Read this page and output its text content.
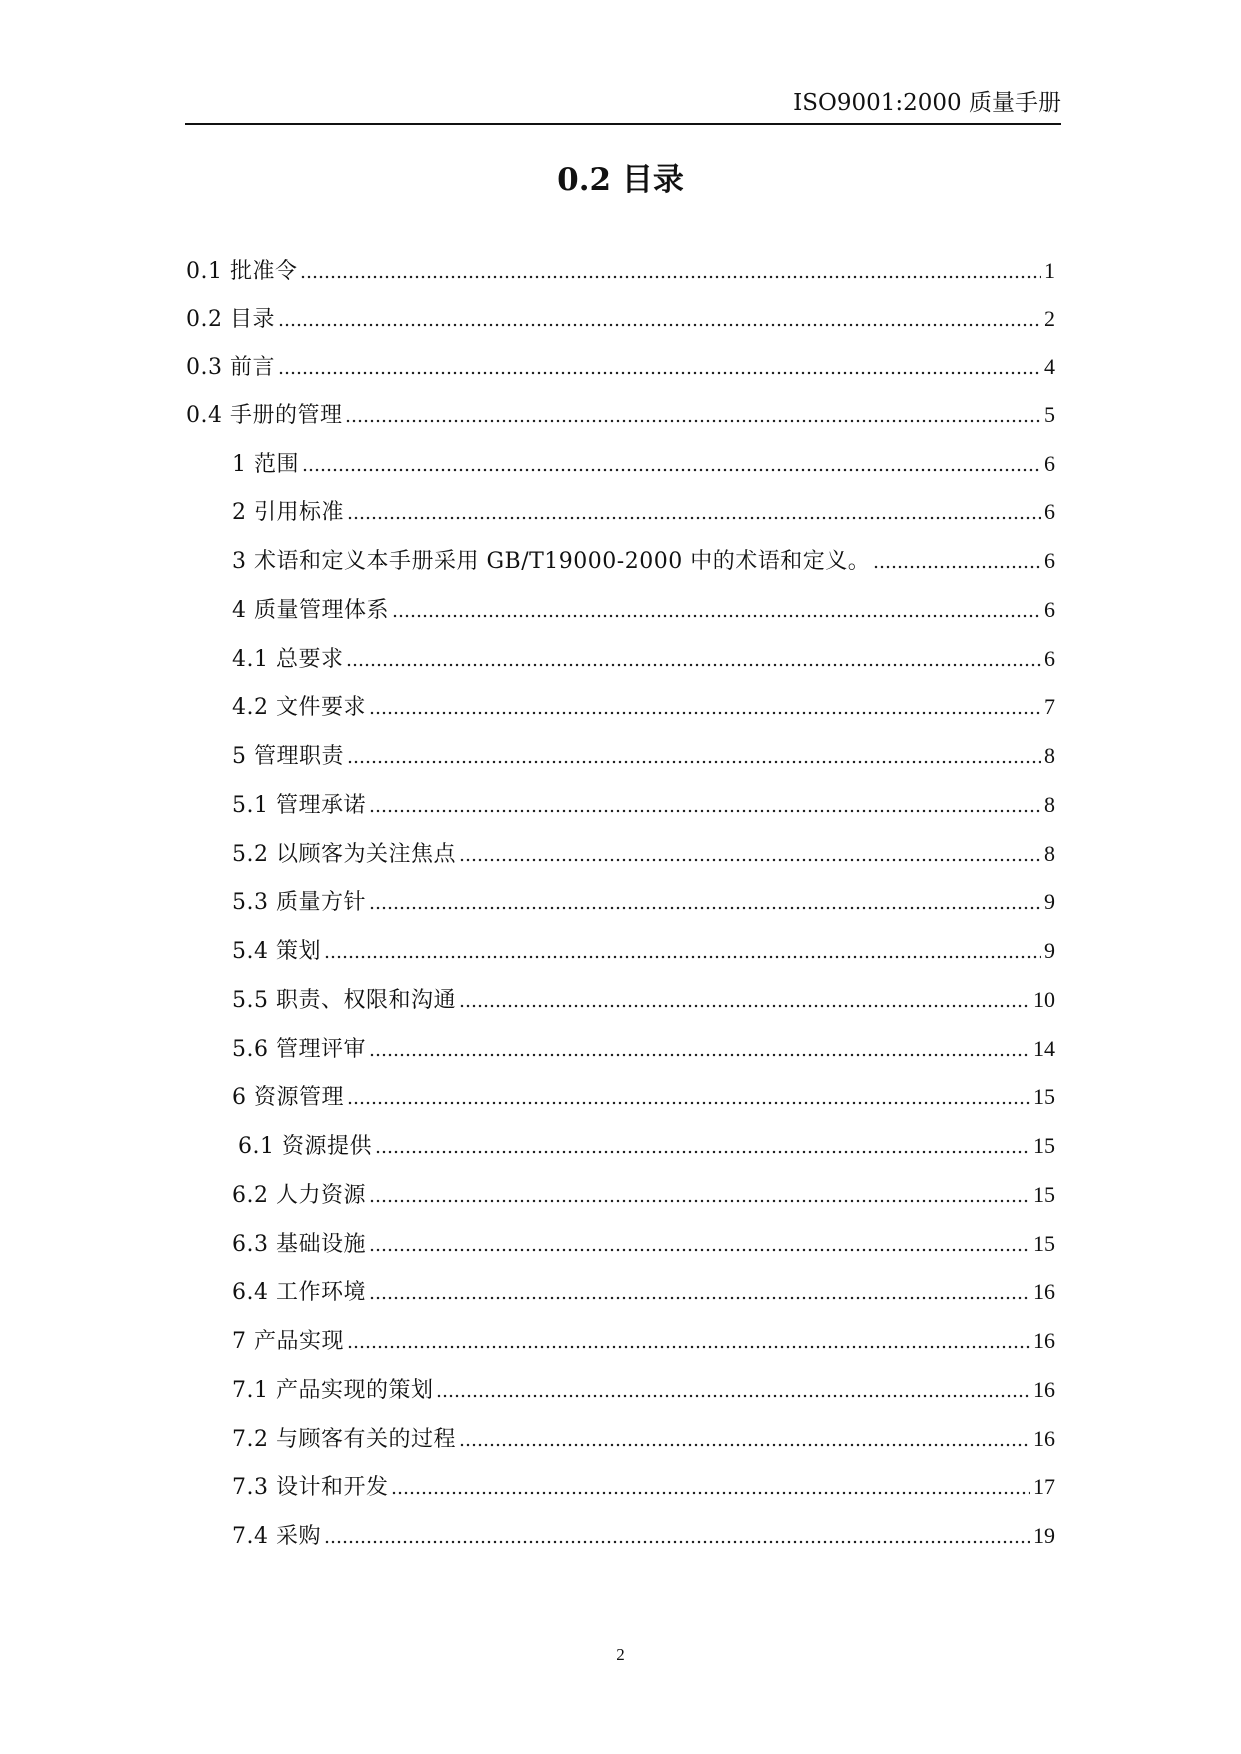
ISO9001:2000 质量手册
0.2 目录
0.1 批准令	1
0.2 目录	2
0.3 前言	4
0.4 手册的管理	5
1 范围	6
2 引用标准	6
3 术语和定义本手册采用 GB/T19000-2000 中的术语和定义。	6
4 质量管理体系	6
4.1 总要求	6
4.2 文件要求	7
5 管理职责	8
5.1 管理承诺	8
5.2 以顾客为关注焦点	8
5.3 质量方针	9
5.4 策划	9
5.5 职责、权限和沟通	10
5.6 管理评审	14
6 资源管理	15
6.1 资源提供	15
6.2 人力资源	15
6.3 基础设施	15
6.4 工作环境	16
7 产品实现	16
7.1 产品实现的策划	16
7.2 与顾客有关的过程	16
7.3 设计和开发	17
7.4 采购	19
2
